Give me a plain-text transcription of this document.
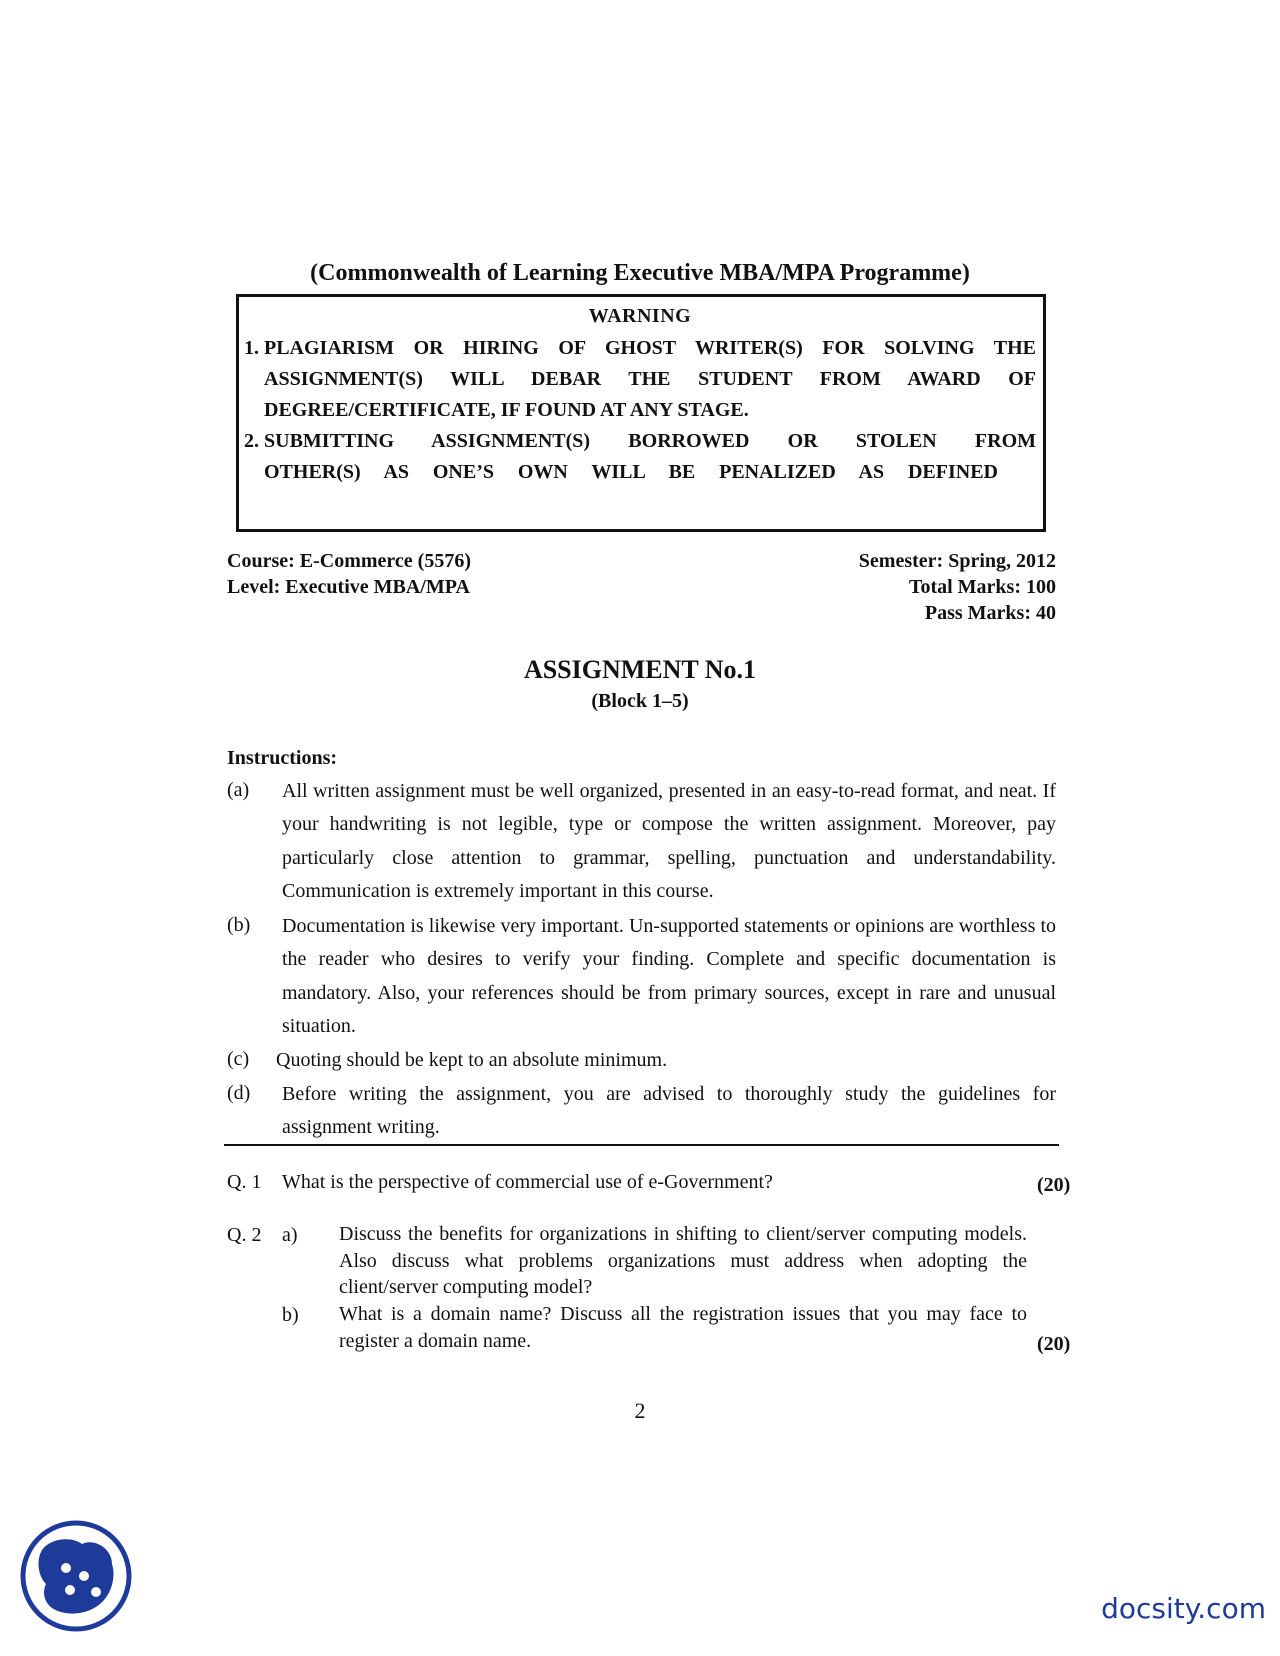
(Commonwealth of Learning Executive MBA/MPA Programme)
WARNING
1. PLAGIARISM OR HIRING OF GHOST WRITER(S) FOR SOLVING THE
ASSIGNMENT(S) WILL DEBAR THE STUDENT FROM AWARD OF
DEGREE/CERTIFICATE, IF FOUND AT ANY STAGE.
2. SUBMITTING ASSIGNMENT(S) BORROWED OR STOLEN FROM
OTHER(S) AS ONE’S OWN WILL BE PENALIZED AS DEFINED
Course: E-Commerce (5576)
Level: Executive MBA/MPA
Semester: Spring, 2012
Total Marks: 100
Pass Marks: 40
ASSIGNMENT No.1
(Block 1–5)
Instructions:
(a) All written assignment must be well organized, presented in an easy-to-read format, and neat. If your handwriting is not legible, type or compose the written assignment. Moreover, pay particularly close attention to grammar, spelling, punctuation and understandability. Communication is extremely important in this course.
(b) Documentation is likewise very important. Un-supported statements or opinions are worthless to the reader who desires to verify your finding. Complete and specific documentation is mandatory. Also, your references should be from primary sources, except in rare and unusual situation.
(c) Quoting should be kept to an absolute minimum.
(d) Before writing the assignment, you are advised to thoroughly study the guidelines for assignment writing.
Q. 1 What is the perspective of commercial use of e-Government?	(20)
Q. 2 a) Discuss the benefits for organizations in shifting to client/server computing models. Also discuss what problems organizations must address when adopting the client/server computing model?
b) What is a domain name? Discuss all the registration issues that you may face to register a domain name.	(20)
2
docsity.com
